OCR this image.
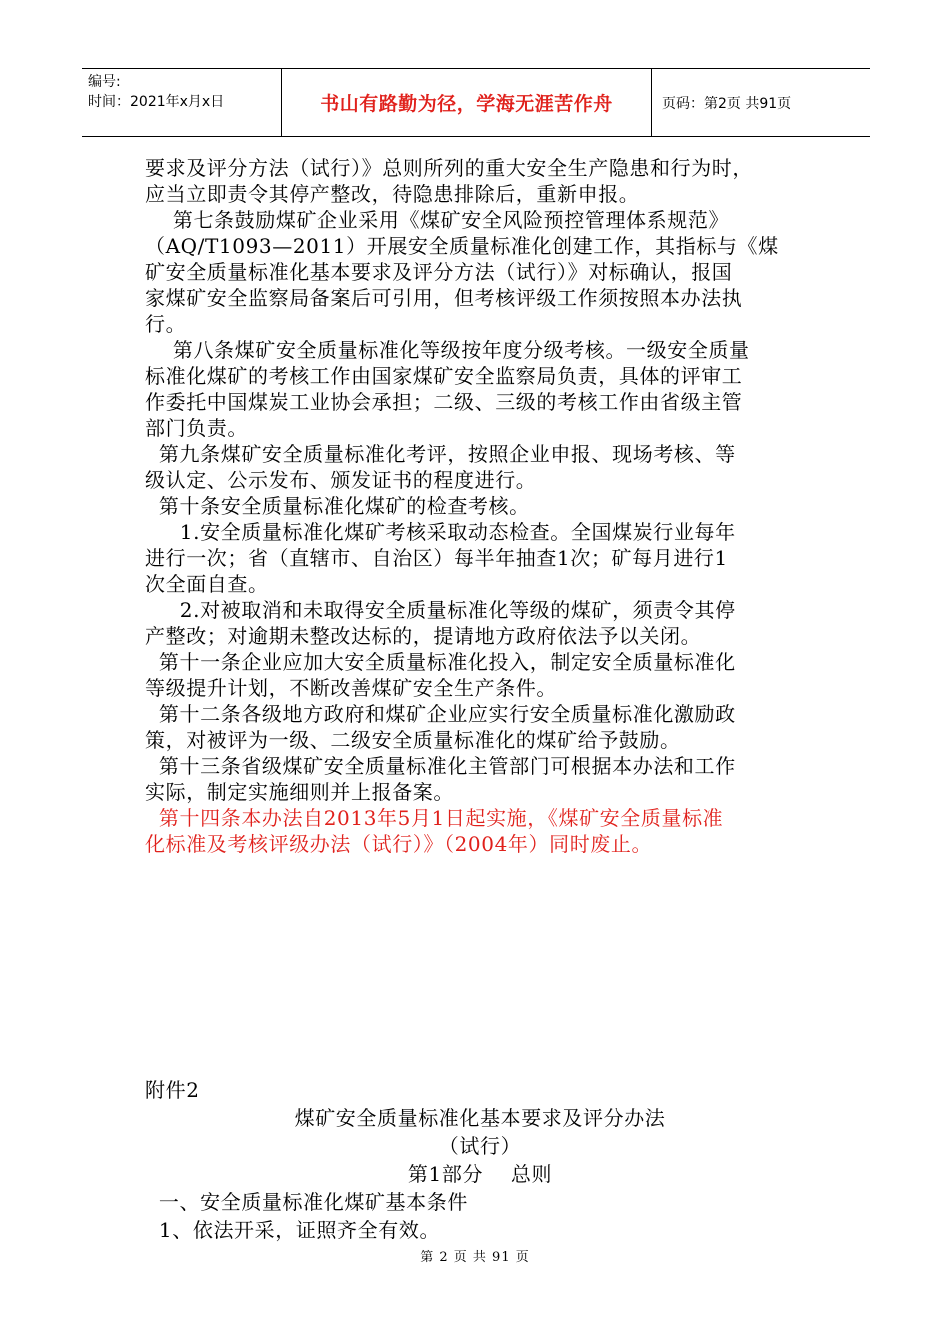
编号:
时间：2021年x月x日	书山有路勤为径，学海无涯苦作舟	页码：第2页 共91页

要求及评分方法（试行）》总则所列的重大安全生产隐患和行为时，

应当立即责令其停产整改，待隐患排除后，重新申报。

第七条鼓励煤矿企业采用《煤矿安全风险预控管理体系规范》

（AQ/T1093—2011）开展安全质量标准化创建工作，其指标与《煤

矿安全质量标准化基本要求及评分方法（试行）》对标确认，报国

家煤矿安全监察局备案后可引用，但考核评级工作须按照本办法执

行。

第八条煤矿安全质量标准化等级按年度分级考核。一级安全质量

标准化煤矿的考核工作由国家煤矿安全监察局负责，具体的评审工

作委托中国煤炭工业协会承担；二级、三级的考核工作由省级主管

部门负责。

第九条煤矿安全质量标准化考评，按照企业申报、现场考核、等

级认定、公示发布、颁发证书的程度进行。

第十条安全质量标准化煤矿的检查考核。

1.安全质量标准化煤矿考核采取动态检查。全国煤炭行业每年

进行一次；省（直辖市、自治区）每半年抽查1次；矿每月进行1

次全面自查。

2.对被取消和未取得安全质量标准化等级的煤矿，须责令其停

产整改；对逾期未整改达标的，提请地方政府依法予以关闭。

第十一条企业应加大安全质量标准化投入，制定安全质量标准化

等级提升计划，不断改善煤矿安全生产条件。

第十二条各级地方政府和煤矿企业应实行安全质量标准化激励政

策，对被评为一级、二级安全质量标准化的煤矿给予鼓励。

第十三条省级煤矿安全质量标准化主管部门可根据本办法和工作

实际，制定实施细则并上报备案。

第十四条本办法自2013年5月1日起实施，《煤矿安全质量标准

化标准及考核评级办法（试行）》（2004年）同时废止。

附件2

煤矿安全质量标准化基本要求及评分办法

（试行）

第1部分    总则

一、安全质量标准化煤矿基本条件

1、依法开采，证照齐全有效。

第 2 页 共 91 页
